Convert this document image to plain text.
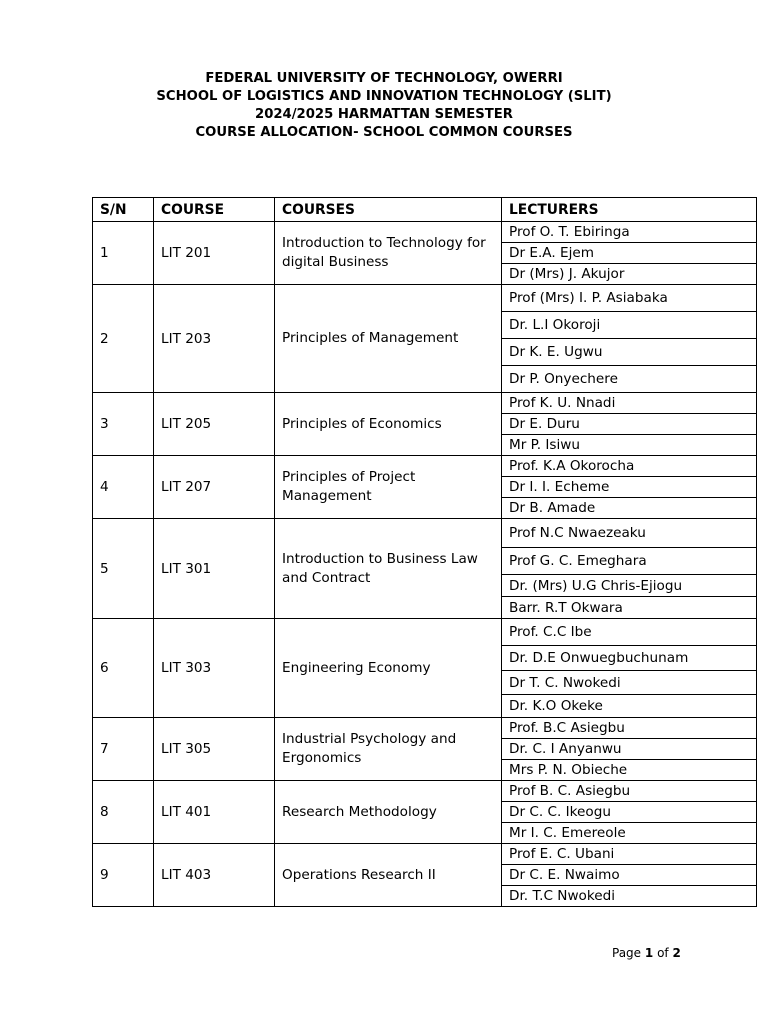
FEDERAL UNIVERSITY OF TECHNOLOGY, OWERRI
SCHOOL OF LOGISTICS AND INNOVATION TECHNOLOGY (SLIT)
2024/2025 HARMATTAN SEMESTER
COURSE ALLOCATION- SCHOOL COMMON COURSES
S/N	COURSE	COURSES	LECTURERS
1	LIT 201	Introduction to Technology for digital Business	Prof O. T. Ebiringa
			Dr E.A. Ejem
			Dr (Mrs) J. Akujor
2	LIT 203	Principles of Management	Prof (Mrs) I. P. Asiabaka
			Dr. L.I Okoroji
			Dr K. E. Ugwu
			Dr P. Onyechere
3	LIT 205	Principles of Economics	Prof K. U. Nnadi
			Dr E. Duru
			Mr P. Isiwu
4	LIT 207	Principles of Project Management	Prof. K.A Okorocha
			Dr I. I. Echeme
			Dr B. Amade
5	LIT 301	Introduction to Business Law and Contract	Prof N.C Nwaezeaku
			Prof G. C. Emeghara
			Dr. (Mrs) U.G Chris-Ejiogu
			Barr. R.T Okwara
6	LIT 303	Engineering Economy	Prof. C.C Ibe
			Dr. D.E Onwuegbuchunam
			Dr T. C. Nwokedi
			Dr. K.O Okeke
7	LIT 305	Industrial Psychology and Ergonomics	Prof. B.C Asiegbu
			Dr. C. I Anyanwu
			Mrs P. N. Obieche
8	LIT 401	Research Methodology	Prof B. C. Asiegbu
			Dr C. C. Ikeogu
			Mr I. C. Emereole
9	LIT 403	Operations Research II	Prof E. C. Ubani
			Dr C. E. Nwaimo
			Dr. T.C Nwokedi
Page 1 of 2
